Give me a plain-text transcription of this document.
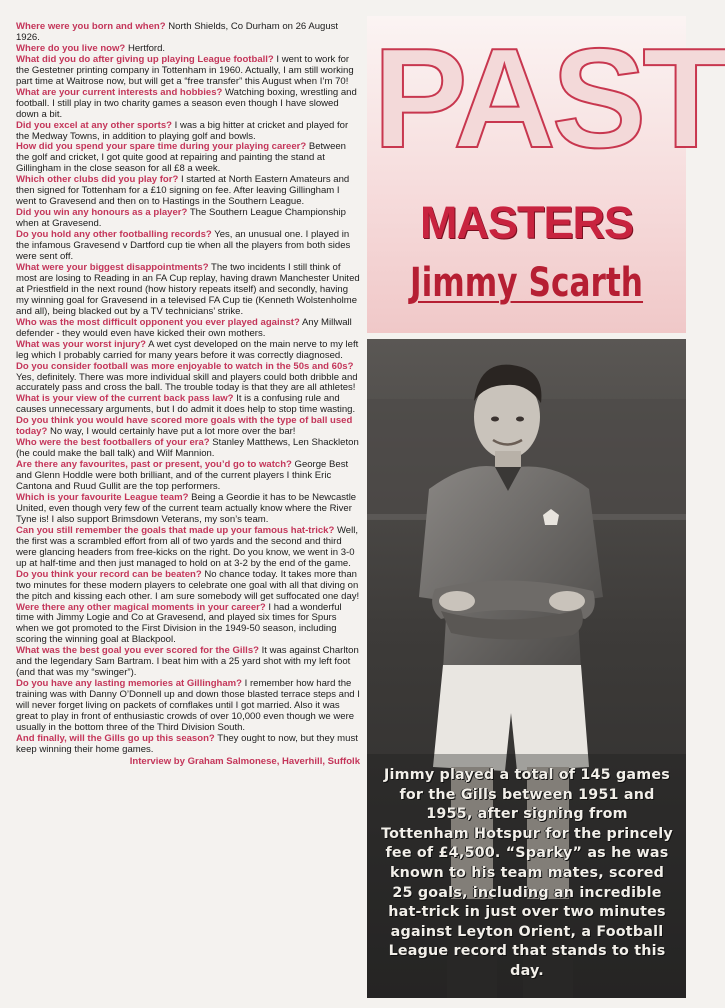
Where were you born and when? North Shields, Co Durham on 26 August 1926.

Where do you live now? Hertford.

What did you do after giving up playing League football? I went to work for the Gestetner printing company in Tottenham in 1960. Actually, I am still working part time at Waitrose now, but will get a “free transfer” this August when I’m 70!

What are your current interests and hobbies? Watching boxing, wrestling and football. I still play in two charity games a season even though I have slowed down a bit.

Did you excel at any other sports? I was a big hitter at cricket and played for the Medway Towns, in addition to playing golf and bowls.

How did you spend your spare time during your playing career? Between the golf and cricket, I got quite good at repairing and painting the stand at Gillingham in the close season for all £8 a week.

Which other clubs did you play for? I started at North Eastern Amateurs and then signed for Tottenham for a £10 signing on fee. After leaving Gillingham I went to Gravesend and then on to Hastings in the Southern League.

Did you win any honours as a player? The Southern League Championship when at Gravesend.

Do you hold any other footballing records? Yes, an unusual one. I played in the infamous Gravesend v Dartford cup tie when all the players from both sides were sent off.

What were your biggest disappointments? The two incidents I still think of most are losing to Reading in an FA Cup replay, having drawn Manchester United at Priestfield in the next round (how history repeats itself) and secondly, having my winning goal for Gravesend in a televised FA Cup tie (Kenneth Wolstenholme and all), being blacked out by a TV technicians’ strike.

Who was the most difficult opponent you ever played against? Any Millwall defender - they would even have kicked their own mothers.

What was your worst injury? A wet cyst developed on the main nerve to my left leg which I probably carried for many years before it was correctly diagnosed.

Do you consider football was more enjoyable to watch in the 50s and 60s? Yes, definitely. There was more individual skill and players could both dribble and accurately pass and cross the ball. The trouble today is that they are all athletes!

What is your view of the current back pass law? It is a confusing rule and causes unnecessary arguments, but I do admit it does help to stop time wasting.

Do you think you would have scored more goals with the type of ball used today? No way, I would certainly have put a lot more over the bar!

Who were the best footballers of your era? Stanley Matthews, Len Shackleton (he could make the ball talk) and Wilf Mannion.

Are there any favourites, past or present, you’d go to watch? George Best and Glenn Hoddle were both brilliant, and of the current players I think Eric Cantona and Ruud Gullit are the top performers.

Which is your favourite League team? Being a Geordie it has to be Newcastle United, even though very few of the current team actually know where the River Tyne is! I also support Brimsdown Veterans, my son’s team.

Can you still remember the goals that made up your famous hat-trick? Well, the first was a scrambled effort from all of two yards and the second and third were glancing headers from free-kicks on the right. Do you know, we went in 3-0 up at half-time and then just managed to hold on at 3-2 by the end of the game.

Do you think your record can be beaten? No chance today. It takes more than two minutes for these modern players to celebrate one goal with all that diving on the pitch and kissing each other. I am sure somebody will get suffocated one day!

Were there any other magical moments in your career? I had a wonderful time with Jimmy Logie and Co at Gravesend, and played six times for Spurs when we got promoted to the First Division in the 1949-50 season, including scoring the winning goal at Blackpool.

What was the best goal you ever scored for the Gills? It was against Charlton and the legendary Sam Bartram. I beat him with a 25 yard shot with my left foot (and that was my “swinger”).

Do you have any lasting memories at Gillingham? I remember how hard the training was with Danny O’Donnell up and down those blasted terrace steps and I will never forget living on packets of cornflakes until I got married. Also it was great to play in front of enthusiastic crowds of over 10,000 even though we were usually in the bottom three of the Third Division South.

And finally, will the Gills go up this season? They ought to now, but they must keep winning their home games.

Interview by Graham Salmonese, Haverhill, Suffolk

PAST
MASTERS
Jimmy Scarth
Jimmy played a total of 145 games for the Gills between 1951 and 1955, after signing from Tottenham Hotspur for the princely fee of £4,500. “Sparky” as he was known to his team mates, scored 25 goals, including an incredible hat-trick in just over two minutes against Leyton Orient, a Football League record that stands to this day.
